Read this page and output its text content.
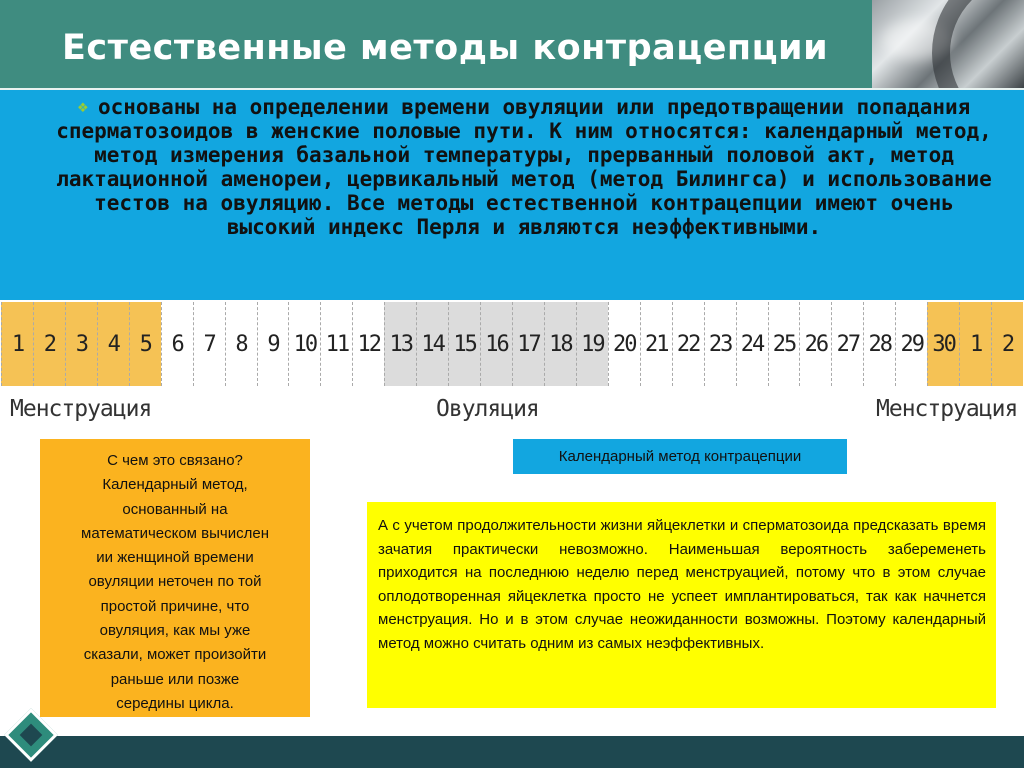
Естественные методы контрацепции
❖ основаны на определении времени овуляции или предотвращении попадания сперматозоидов в женские половые пути. К ним относятся: календарный метод, метод измерения базальной температуры, прерванный половой акт, метод лактационной аменореи, цервикальный метод (метод Билингса) и использование тестов на овуляцию. Все методы естественной контрацепции имеют очень высокий индекс Перля и являются неэффективными.
1 2 3 4 5 6 7 8 9 10 11 12 13 14 15 16 17 18 19 20 21 22 23 24 25 26 27 28 29 30 1 2
Менструация	Овуляция	Менструация
С чем это связано?
Календарный метод,
основанный на
математическом вычислен
ии женщиной времени
овуляции неточен по той
простой причине, что
овуляция, как мы уже
сказали, может произойти
раньше или позже
середины цикла.
Календарный метод контрацепции
А с учетом продолжительности жизни яйцеклетки и сперматозоида предсказать время зачатия практически невозможно. Наименьшая вероятность забеременеть приходится на последнюю неделю перед менструацией, потому что в этом случае оплодотворенная яйцеклетка просто не успеет имплантироваться, так как начнется менструация. Но и в этом случае неожиданности возможны. Поэтому календарный метод можно считать одним из самых неэффективных.
